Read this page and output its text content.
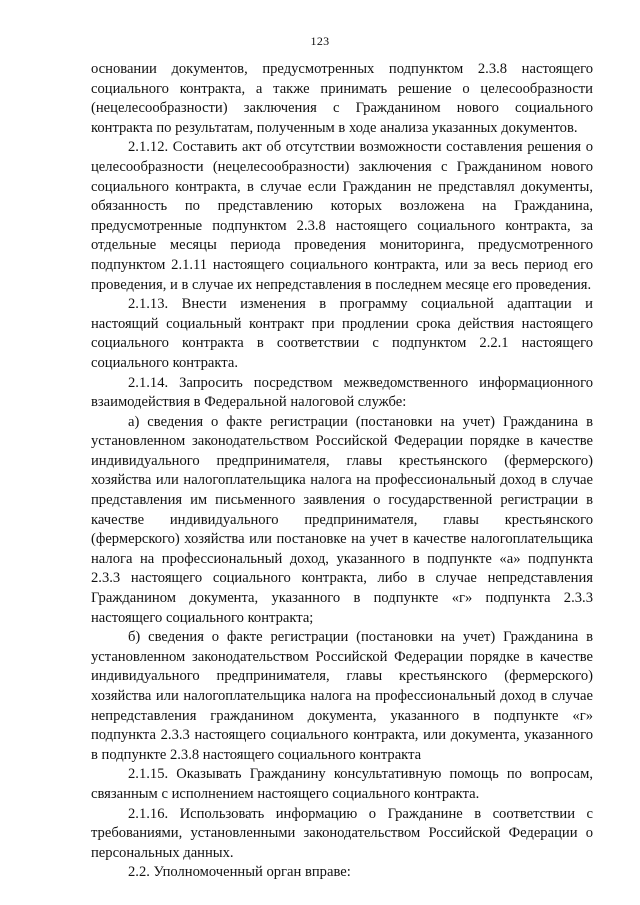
123

основании документов, предусмотренных подпунктом 2.3.8 настоящего социального контракта, а также принимать решение о целесообразности (нецелесообразности) заключения с Гражданином нового социального контракта по результатам, полученным в ходе анализа указанных документов.

2.1.12. Составить акт об отсутствии возможности составления решения о целесообразности (нецелесообразности) заключения с Гражданином нового социального контракта, в случае если Гражданин не представлял документы, обязанность по представлению которых возложена на Гражданина, предусмотренные подпунктом 2.3.8 настоящего социального контракта, за отдельные месяцы периода проведения мониторинга, предусмотренного подпунктом 2.1.11 настоящего социального контракта, или за весь период его проведения, и в случае их непредставления в последнем месяце его проведения.

2.1.13. Внести изменения в программу социальной адаптации и настоящий социальный контракт при продлении срока действия настоящего социального контракта в соответствии с подпунктом 2.2.1 настоящего социального контракта.

2.1.14. Запросить посредством межведомственного информационного взаимодействия в Федеральной налоговой службе:

а) сведения о факте регистрации (постановки на учет) Гражданина в установленном законодательством Российской Федерации порядке в качестве индивидуального предпринимателя, главы крестьянского (фермерского) хозяйства или налогоплательщика налога на профессиональный доход в случае представления им письменного заявления о государственной регистрации в качестве индивидуального предпринимателя, главы крестьянского (фермерского) хозяйства или постановке на учет в качестве налогоплательщика налога на профессиональный доход, указанного в подпункте «а» подпункта 2.3.3 настоящего социального контракта, либо в случае непредставления Гражданином документа, указанного в подпункте «г» подпункта 2.3.3 настоящего социального контракта;

б) сведения о факте регистрации (постановки на учет) Гражданина в установленном законодательством Российской Федерации порядке в качестве индивидуального предпринимателя, главы крестьянского (фермерского) хозяйства или налогоплательщика налога на профессиональный доход в случае непредставления гражданином документа, указанного в подпункте «г» подпункта 2.3.3 настоящего социального контракта, или документа, указанного в подпункте 2.3.8 настоящего социального контракта

2.1.15. Оказывать Гражданину консультативную помощь по вопросам, связанным с исполнением настоящего социального контракта.

2.1.16. Использовать информацию о Гражданине в соответствии с требованиями, установленными законодательством Российской Федерации о персональных данных.

2.2. Уполномоченный орган вправе:
